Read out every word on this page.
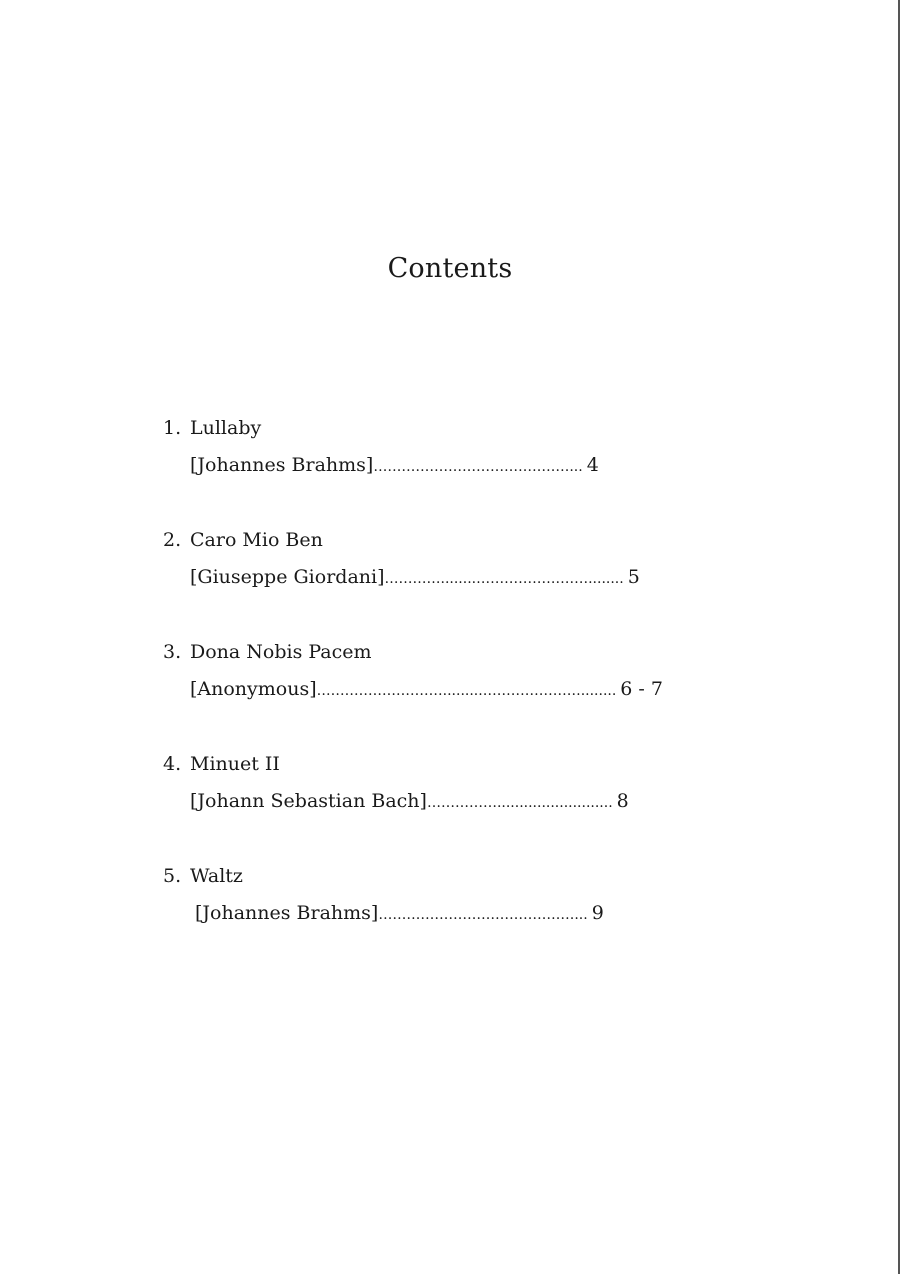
Contents
1. Lullaby
[Johannes Brahms]……………………………………... 4
2. Caro Mio Ben
[Giuseppe Giordani]…………........……………………........ 5
3. Dona Nobis Pacem
[Anonymous]……………………….........…………………........ 6 - 7
4. Minuet II
[Johann Sebastian Bach]…………….......................... 8
5. Waltz
[Johannes Brahms]……………………………………... 9
